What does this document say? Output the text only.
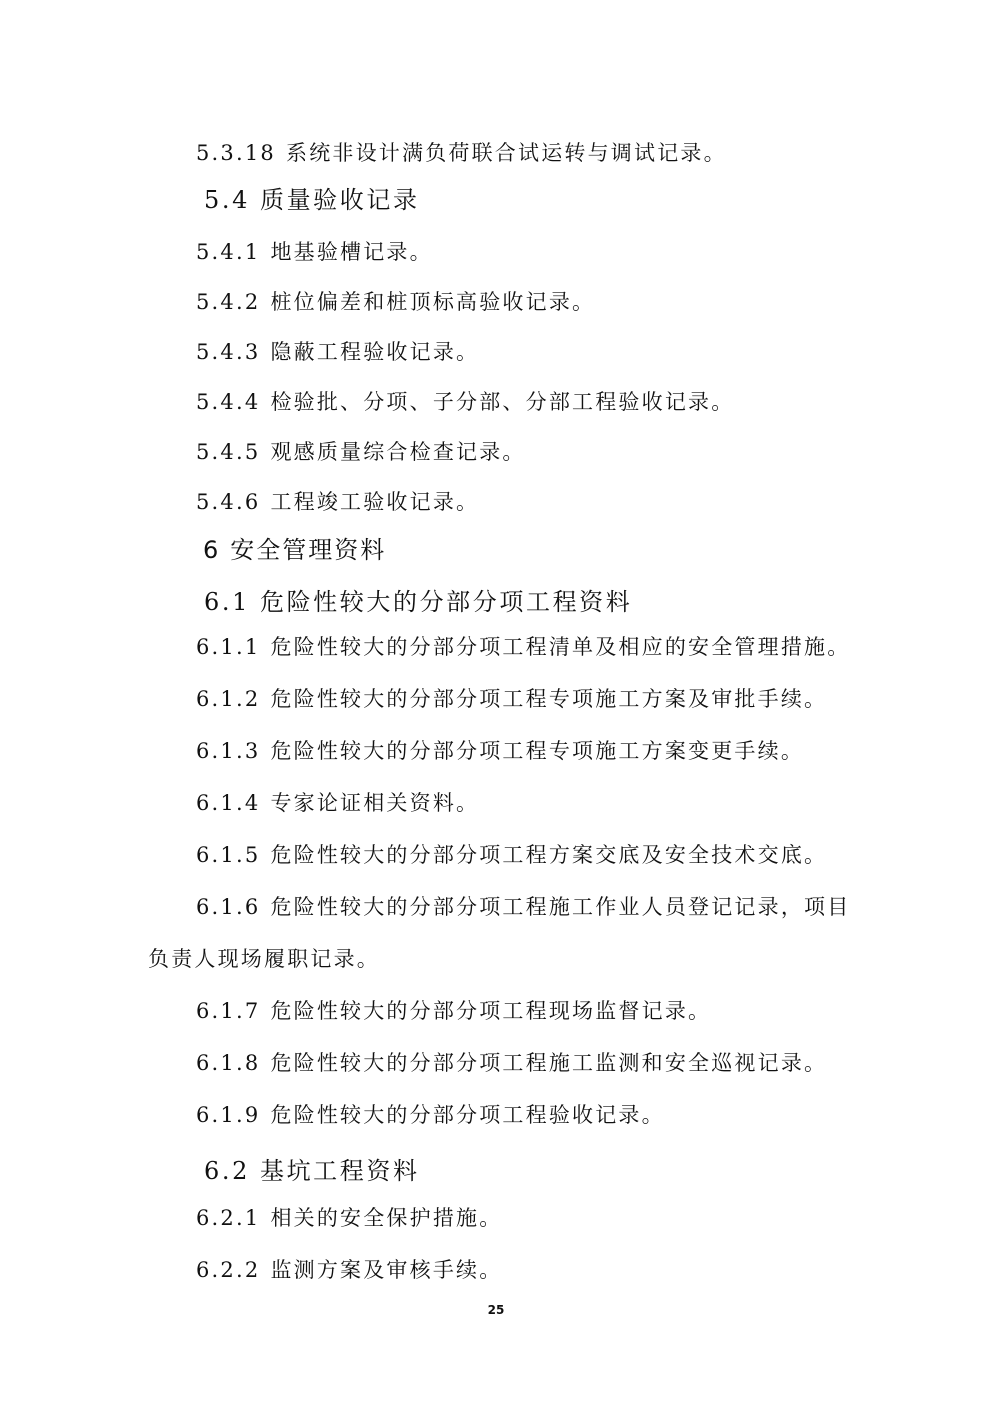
5.3.18 系统非设计满负荷联合试运转与调试记录。
5.4 质量验收记录
5.4.1 地基验槽记录。
5.4.2 桩位偏差和桩顶标高验收记录。
5.4.3 隐蔽工程验收记录。
5.4.4 检验批、分项、子分部、分部工程验收记录。
5.4.5 观感质量综合检查记录。
5.4.6 工程竣工验收记录。
6 安全管理资料
6.1 危险性较大的分部分项工程资料
6.1.1 危险性较大的分部分项工程清单及相应的安全管理措施。
6.1.2 危险性较大的分部分项工程专项施工方案及审批手续。
6.1.3 危险性较大的分部分项工程专项施工方案变更手续。
6.1.4 专家论证相关资料。
6.1.5 危险性较大的分部分项工程方案交底及安全技术交底。
6.1.6 危险性较大的分部分项工程施工作业人员登记记录，项目
负责人现场履职记录。
6.1.7 危险性较大的分部分项工程现场监督记录。
6.1.8 危险性较大的分部分项工程施工监测和安全巡视记录。
6.1.9 危险性较大的分部分项工程验收记录。
6.2 基坑工程资料
6.2.1 相关的安全保护措施。
6.2.2 监测方案及审核手续。
25
